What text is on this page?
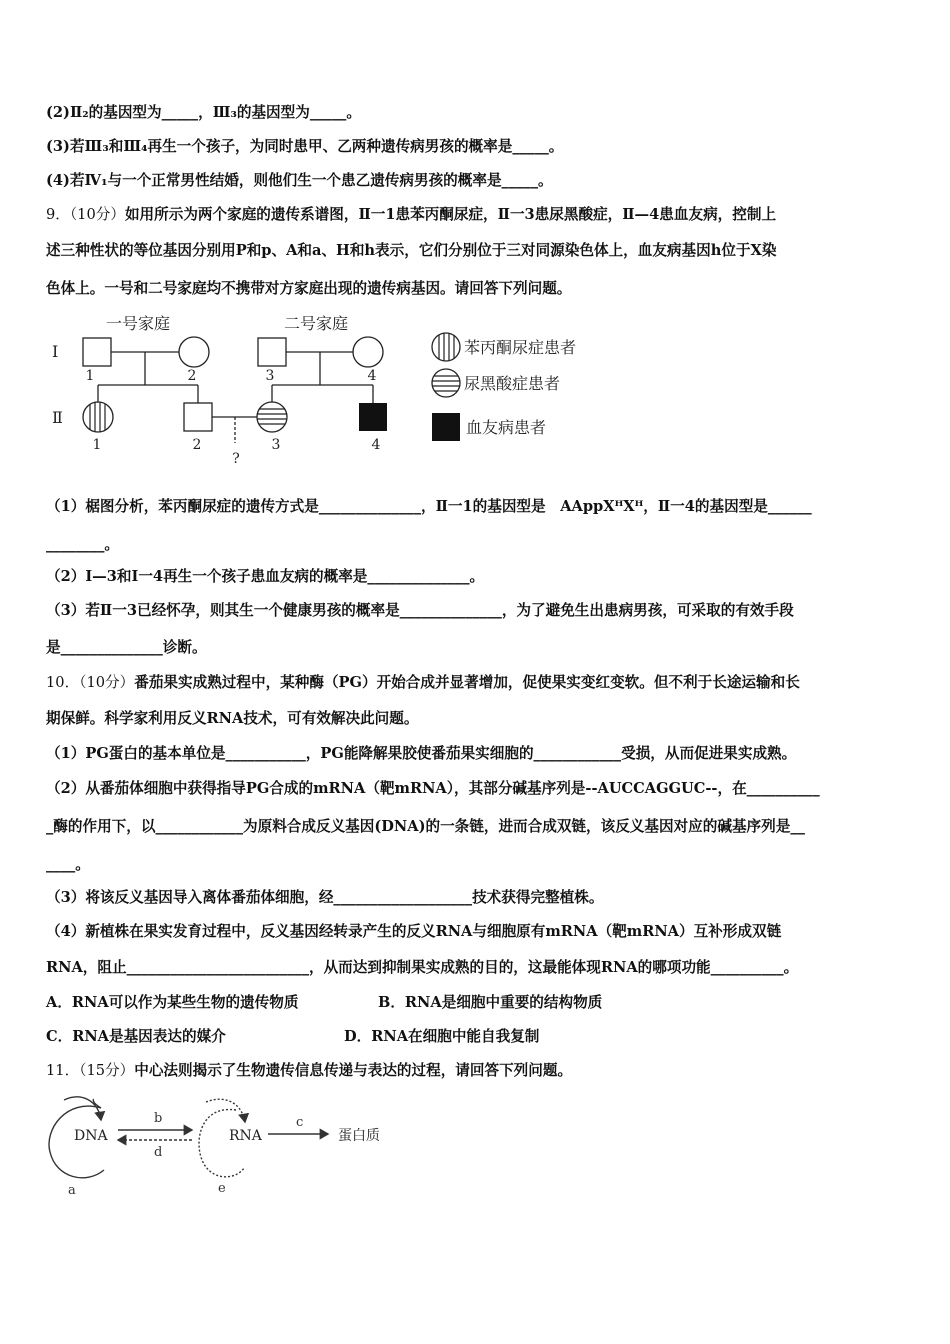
(2)Ⅱ₂的基因型为_____，Ⅲ₃的基因型为_____。
(3)若Ⅲ₃和Ⅲ₄再生一个孩子，为同时患甲、乙两种遗传病男孩的概率是_____。
(4)若Ⅳ₁与一个正常男性结婚，则他们生一个患乙遗传病男孩的概率是_____。
9．（10分）如用所示为两个家庭的遗传系谱图，Ⅱ一1患苯丙酮尿症，Ⅱ一3患尿黑酸症，Ⅱ—4患血友病，控制上
述三种性状的等位基因分别用P和p、A和a、H和h表示，它们分别位于三对同源染色体上，血友病基因h位于X染
色体上。一号和二号家庭均不携带对方家庭出现的遗传病基因。请回答下列问题。
一号家庭	二号家庭
Ⅰ
Ⅱ
苯丙酮尿症患者
尿黑酸症患者
血友病患者
1	2	3	4
1	2	3	4
?
（1）椐图分析，苯丙酮尿症的遗传方式是______________，Ⅱ一1的基因型是　AAppXᴴXᴴ，Ⅱ一4的基因型是______
________。
（2）Ⅰ—3和Ⅰ一4再生一个孩子患血友病的概率是______________。
（3）若Ⅱ一3已经怀孕，则其生一个健康男孩的概率是______________，为了避免生出患病男孩，可采取的有效手段
是______________诊断。
10．（10分）番茄果实成熟过程中，某种酶（PG）开始合成并显著增加，促使果实变红变软。但不利于长途运输和长
期保鲜。科学家利用反义RNA技术，可有效解决此问题。
（1）PG蛋白的基本单位是___________，PG能降解果胶使番茄果实细胞的____________受损，从而促进果实成熟。
（2）从番茄体细胞中获得指导PG合成的mRNA（靶mRNA），其部分碱基序列是--AUCCAGGUC--，在__________
_酶的作用下，以____________为原料合成反义基因(DNA)的一条链，进而合成双链，该反义基因对应的碱基序列是__
____。
（3）将该反义基因导入离体番茄体细胞，经___________________技术获得完整植株。
（4）新植株在果实发育过程中，反义基因经转录产生的反义RNA与细胞原有mRNA（靶mRNA）互补形成双链
RNA，阻止_________________________，从而达到抑制果实成熟的目的，这最能体现RNA的哪项功能__________。
A．RNA可以作为某些生物的遗传物质	B．RNA是细胞中重要的结构物质
C．RNA是基因表达的媒介	D．RNA在细胞中能自我复制
11．（15分）中心法则揭示了生物遗传信息传递与表达的过程，请回答下列问题。
DNA	RNA	蛋白质
a
b	c
d
e
